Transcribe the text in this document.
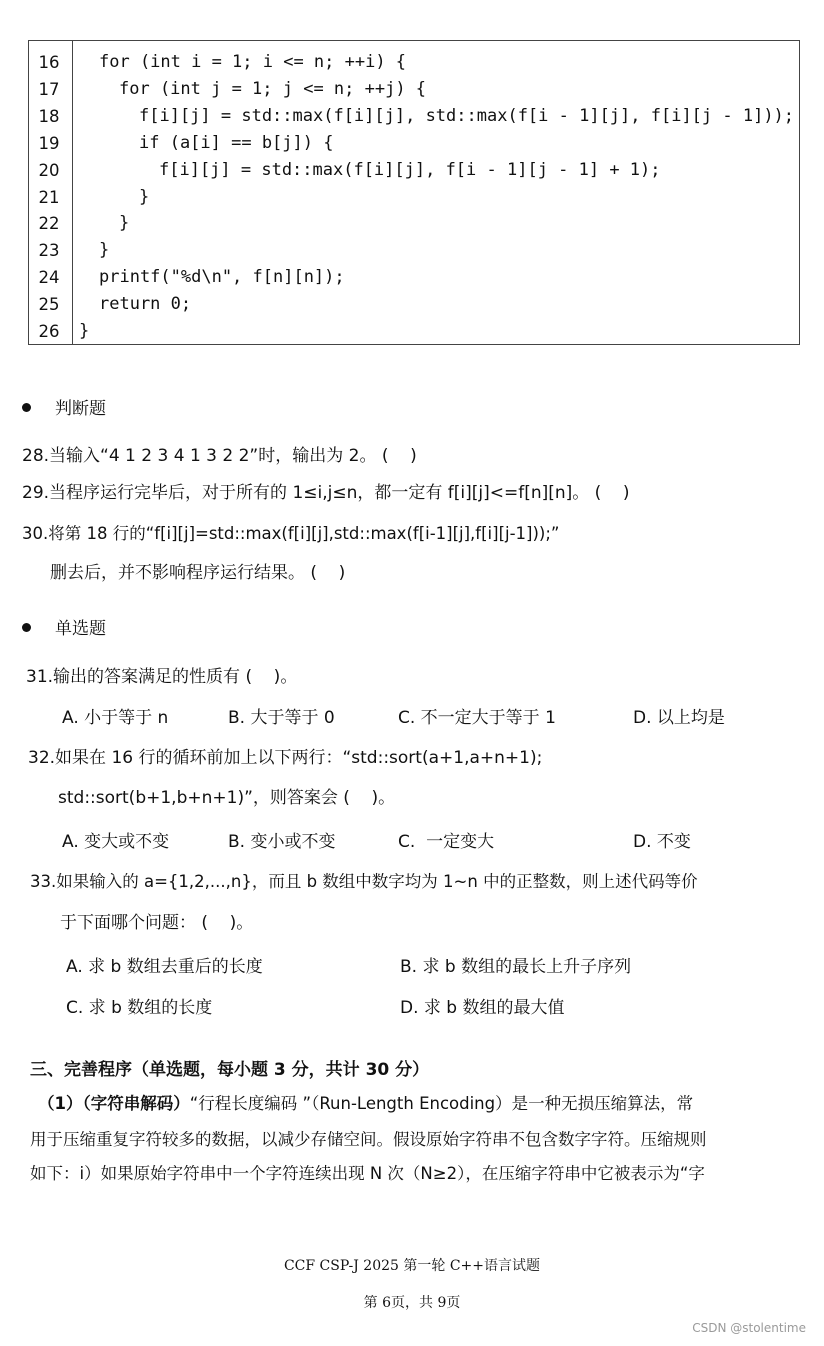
16	for (int i = 1; i <= n; ++i) {
17	for (int j = 1; j <= n; ++j) {
18	f[i][j] = std::max(f[i][j], std::max(f[i - 1][j], f[i][j - 1]));
19	if (a[i] == b[j]) {
20	f[i][j] = std::max(f[i][j], f[i - 1][j - 1] + 1);
21	}
22	}
23	}
24	printf("%d\n", f[n][n]);
25	return 0;
26	}
判断题
28.当输入“4 1 2 3 4 1 3 2 2”时，输出为 2。 (    )
29.当程序运行完毕后，对于所有的 1≤i,j≤n，都一定有 f[i][j]<=f[n][n]。 (    )
30.将第 18 行的“f[i][j]=std::max(f[i][j],std::max(f[i-1][j],f[i][j-1]));”
删去后，并不影响程序运行结果。 (    )
单选题
31.输出的答案满足的性质有 (    )。
A. 小于等于 n	B. 大于等于 0	C. 不一定大于等于 1	D. 以上均是
32.如果在 16 行的循环前加上以下两行：“std::sort(a+1,a+n+1);
std::sort(b+1,b+n+1)”，则答案会 (    )。
A. 变大或不变	B. 变小或不变	C.  一定变大	D. 不变
33.如果输入的 a={1,2,...,n}，而且 b 数组中数字均为 1~n 中的正整数，则上述代码等价
于下面哪个问题： (    )。
A. 求 b 数组去重后的长度	B. 求 b 数组的最长上升子序列
C. 求 b 数组的长度	D. 求 b 数组的最大值
三、完善程序（单选题，每小题 3 分，共计 30 分）
（1）（字符串解码）“行程长度编码 ”（Run-Length Encoding）是一种无损压缩算法，常
用于压缩重复字符较多的数据，以减少存储空间。假设原始字符串不包含数字字符。压缩规则
如下：i）如果原始字符串中一个字符连续出现 N 次（N≥2），在压缩字符串中它被表示为“字
CCF CSP-J 2025 第一轮 C++语言试题
第 6页，共 9页
CSDN @stolentime
